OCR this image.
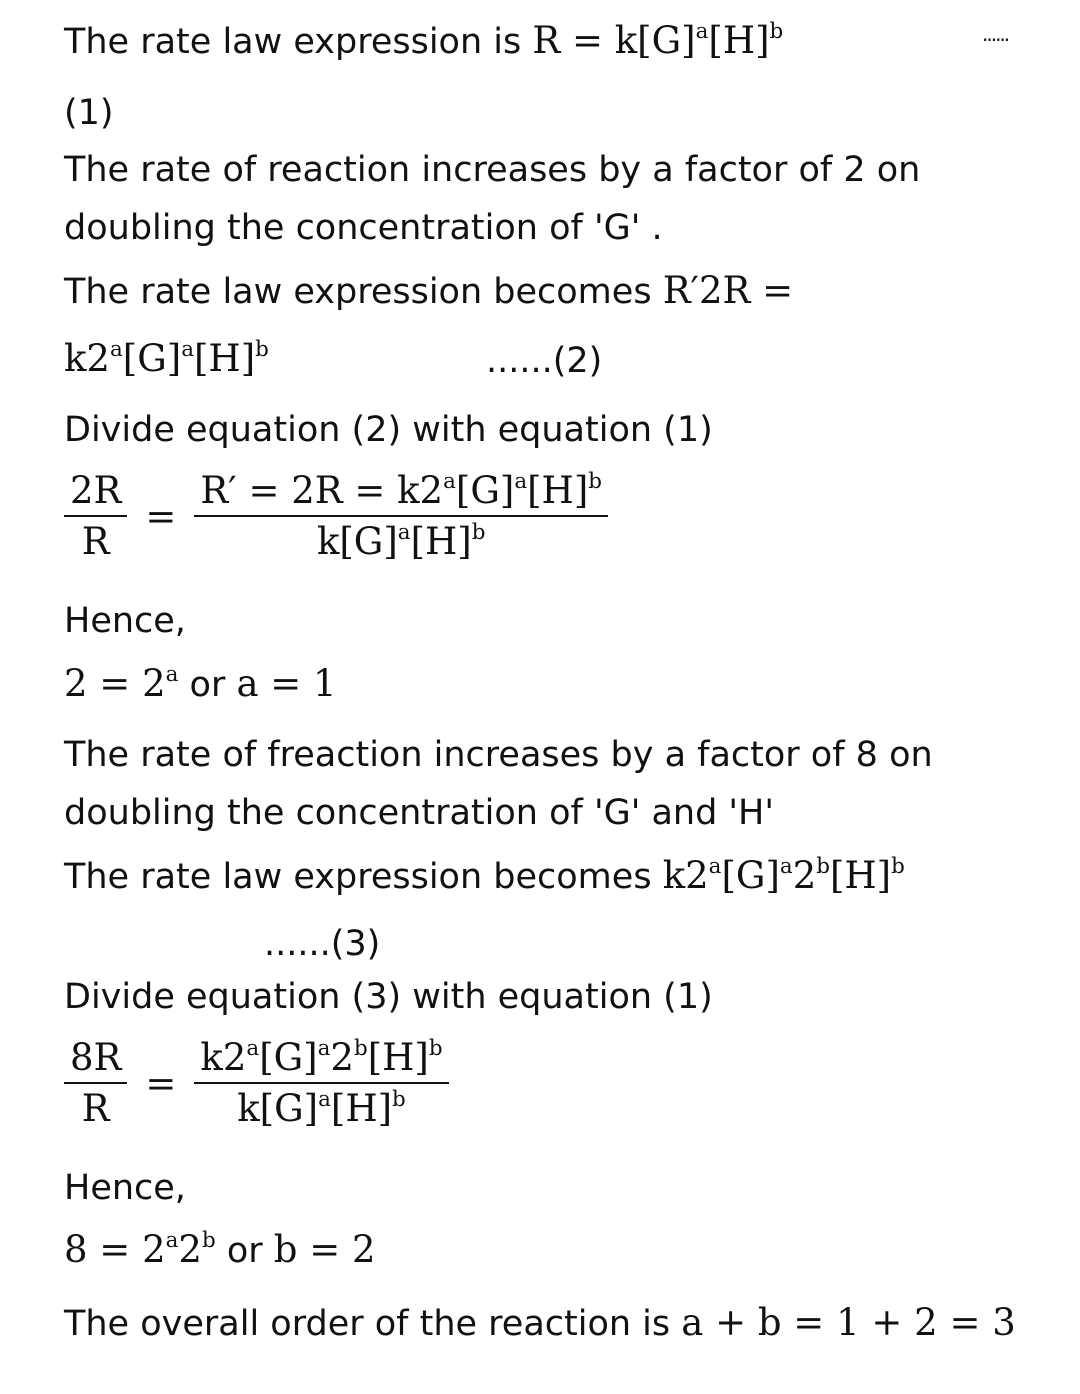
The rate law expression is $R = k[G]^a[H]^b$	......
(1)
The rate of reaction increases by a factor of 2 on
doubling the concentration of 'G' .
The rate law expression becomes R′2R =
$k2^a[G]^a[H]^b$	......(2)
Divide equation (2) with equation (1)
$\frac{2R}{R} = \frac{R' = 2R = k2^a[G]^a[H]^b}{k[G]^a[H]^b}$
Hence,
$2 = 2^a$ or a = 1
The rate of freaction increases by a factor of 8 on
doubling the concentration of 'G' and 'H'
The rate law expression becomes $k2^a[G]^a2^b[H]^b$
......(3)
Divide equation (3) with equation (1)
$\frac{8R}{R} = \frac{k2^a[G]^a2^b[H]^b}{k[G]^a[H]^b}$
Hence,
$8 = 2^a2^b$ or b = 2
The overall order of the reaction is a + b = 1 + 2 = 3
